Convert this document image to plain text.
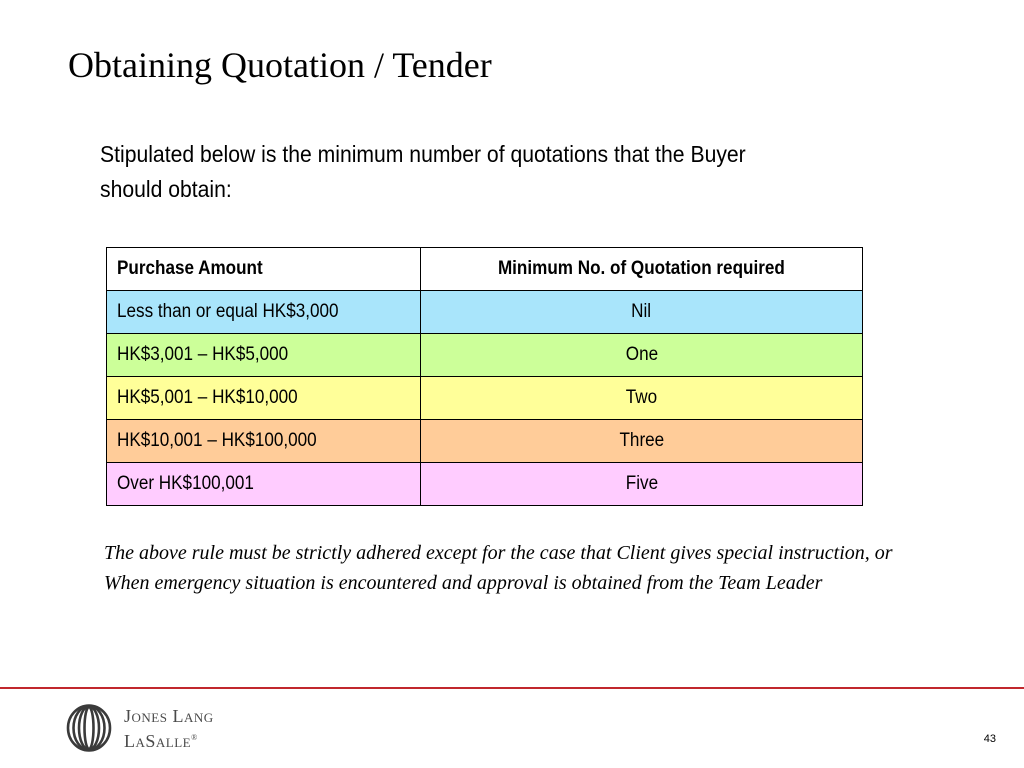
Obtaining Quotation / Tender
Stipulated below is the minimum number of quotations that the Buyer should obtain:
Purchase Amount	Minimum No. of Quotation required
Less than or equal HK$3,000	Nil
HK$3,001 – HK$5,000	One
HK$5,001 – HK$10,000	Two
HK$10,001 – HK$100,000	Three
Over HK$100,001	Five

The above rule must be strictly adhered except for the case that Client gives special instruction, or

When emergency situation is encountered and approval is obtained from the Team Leader

Jones Lang
LaSalle®	43
